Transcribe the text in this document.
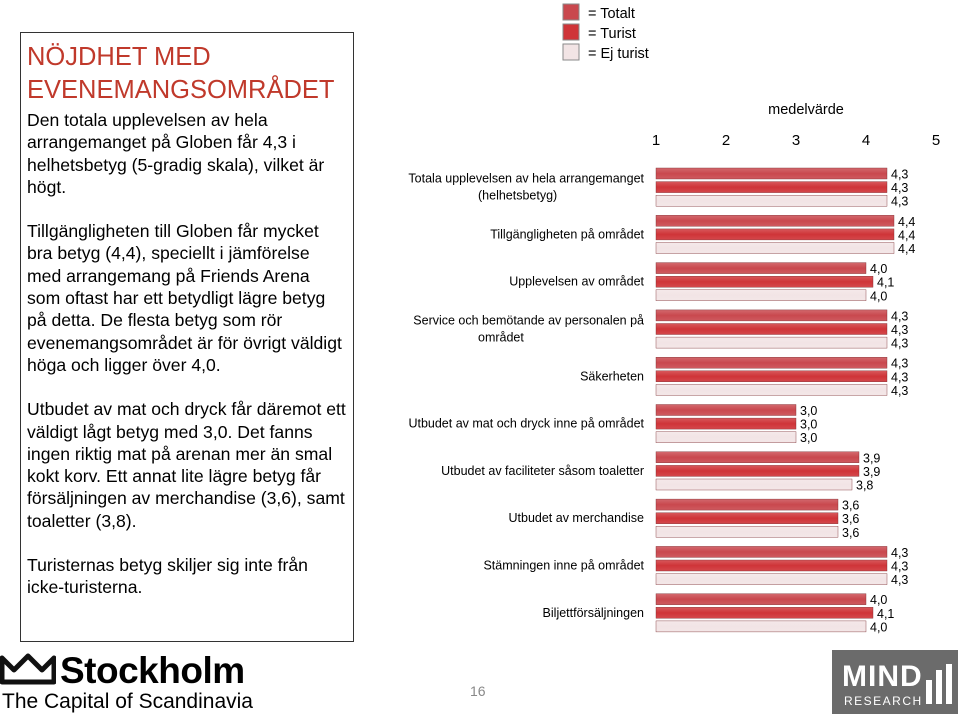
NÖJDHET MED EVENEMANGSOMRÅDET

Den totala upplevelsen av hela arrangemanget på Globen får 4,3 i helhetsbetyg (5-gradig skala), vilket är högt.

Tillgängligheten till Globen får mycket bra betyg (4,4), speciellt i jämförelse med arrangemang på Friends Arena som oftast har ett betydligt lägre betyg på detta. De flesta betyg som rör evenemangsområdet är för övrigt väldigt höga och ligger över 4,0.

Utbudet av mat och dryck får däremot ett väldigt lågt betyg med 3,0. Det fanns ingen riktig mat på arenan mer än smal kokt korv. Ett annat lite lägre betyg får försäljningen av merchandise (3,6), samt toaletter (3,8).

Turisternas betyg skiljer sig inte från icke-turisterna.

= Totalt
= Turist
= Ej turist
medelvärde
1	2	3	4	5
Totala upplevelsen av hela arrangemanget
(helhetsbetyg)
4,3
4,3
4,3
Tillgängligheten på området
4,4
4,4
4,4
Upplevelsen av området
4,0
4,1
4,0
Service och bemötande av personalen på
området
4,3
4,3
4,3
Säkerheten
4,3
4,3
4,3
Utbudet av mat och dryck inne på området
3,0
3,0
3,0
Utbudet av faciliteter såsom toaletter
3,9
3,9
3,8
Utbudet av merchandise
3,6
3,6
3,6
Stämningen inne på området
4,3
4,3
4,3
Biljettförsäljningen
4,0
4,1
4,0
16
Stockholm
The Capital of Scandinavia
MIND
RESEARCH
